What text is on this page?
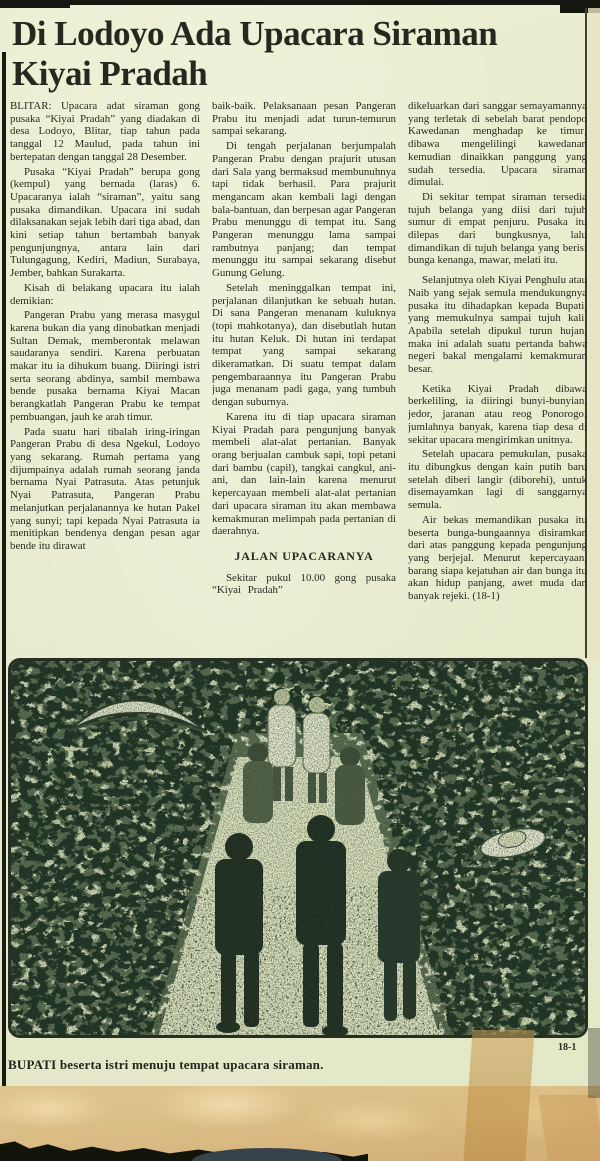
Di Lodoyo Ada Upacara Siraman Kiyai Pradah

BLITAR: Upacara adat siraman gong pusaka “Kiyai Pradah” yang diadakan di desa Lodoyo, Blitar, tiap tahun pada tanggal 12 Maulud, pada tahun ini bertepatan dengan tanggal 28 Desember.

Pusaka “Kiyai Pradah” berupa gong (kempul) yang bernada (laras) 6. Upacaranya ialah “siraman”, yaitu sang pusaka dimandikan. Upacara ini sudah dilaksanakan sejak lebih dari tiga abad, dan kini setiap tahun bertambah banyak pengunjungnya, antara lain dari Tulungagung, Kediri, Madiun, Surabaya, Jember, bahkan Surakarta.

Kisah di belakang upacara itu ialah demikian:

Pangeran Prabu yang merasa masygul karena bukan dia yang dinobatkan menjadi Sultan Demak, memberontak melawan saudaranya sendiri. Karena perbuatan makar itu ia dihukum buang. Diiringi istri serta seorang abdinya, sambil membawa bende pusaka bernama Kiyai Macan berangkatlah Pangeran Prabu ke tempat pembuangan, jauh ke arah timur.

Pada suatu hari tibalah iring-iringan Pangeran Prabu di desa Ngekul, Lodoyo yang sekarang. Rumah pertama yang dijumpainya adalah rumah seorang janda bernama Nyai Patrasuta. Atas petunjuk Nyai Patrasuta, Pangeran Prabu melanjutkan perjalanannya ke hutan Pakel yang sunyi; tapi kepada Nyai Patrasuta ia menitipkan bendenya dengan pesan agar bende itu dirawat

baik-baik. Pelaksanaan pesan Pangeran Prabu itu menjadi adat turun-temurun sampai sekarang.

Di tengah perjalanan berjumpalah Pangeran Prabu dengan prajurit utusan dari Sala yang bermaksud membunuhnya tapi tidak berhasil. Para prajurit mengancam akan kembali lagi dengan bala-bantuan, dan berpesan agar Pangeran Prabu menunggu di tempat itu. Sang Pangeran menunggu lama sampai rambutnya panjang; dan tempat menunggu itu sampai sekarang disebut Gunung Gelung.

Setelah meninggalkan tempat ini, perjalanan dilanjutkan ke sebuah hutan. Di sana Pangeran menanam kuluknya (topi mahkotanya), dan disebutlah hutan itu hutan Keluk. Di hutan ini terdapat tempat yang sampai sekarang dikeramatkan. Di suatu tempat dalam pengembaraannya itu Pangeran Prabu juga menanam padi gaga, yang tumbuh dengan suburnya.

Karena itu di tiap upacara siraman Kiyai Pradah para pengunjung banyak membeli alat-alat pertanian. Banyak orang berjualan cambuk sapi, topi petani dari bambu (capil), tangkai cangkul, ani-ani, dan lain-lain karena menurut kepercayaan membeli alat-alat pertanian dari upacara siraman itu akan membawa kemakmuran melimpah pada pertanian di daerahnya.

JALAN UPACARANYA

Sekitar pukul 10.00 gong pusaka “Kiyai Pradah”

dikeluarkan dari sanggar semayamannya yang terletak di sebelah barat pendopo Kawedanan menghadap ke timur; dibawa mengelilingi kawedanan kemudian dinaikkan panggung yang sudah tersedia. Upacara siraman dimulai.

Di sekitar tempat siraman tersedia tujuh belanga yang diisi dari tujuh sumur di empat penjuru. Pusaka itu dilepas dari bungkusnya, lalu dimandikan di tujuh belanga yang berisi bunga kenanga, mawar, melati itu.

Selanjutnya oleh Kiyai Penghulu atau Naib yang sejak semula mendukungnya pusaka itu dihadapkan kepada Bupati, yang memukulnya sampai tujuh kali. Apabila setelah dipukul turun hujan, maka ini adalah suatu pertanda bahwa negeri bakal mengalami kemakmuran besar.

Ketika Kiyai Pradah dibawa berkeliling, ia diiringi bunyi-bunyian, jedor, jaranan atau reog Ponorogo; jumlahnya banyak, karena tiap desa di sekitar upacara mengirimkan unitnya.

Setelah upacara pemukulan, pusaka itu dibungkus dengan kain putih baru setelah diberi langir (diborehi), untuk disemayamkan lagi di sanggarnya semula.

Air bekas memandikan pusaka itu beserta bunga-bungaannya disiramkan dari atas panggung kepada pengunjung yang berjejal. Menurut kepercayaan, barang siapa kejatuhan air dan bunga itu akan hidup panjang, awet muda dan banyak rejeki. (18-1)

18-1

BUPATI beserta istri menuju tempat upacara siraman.
